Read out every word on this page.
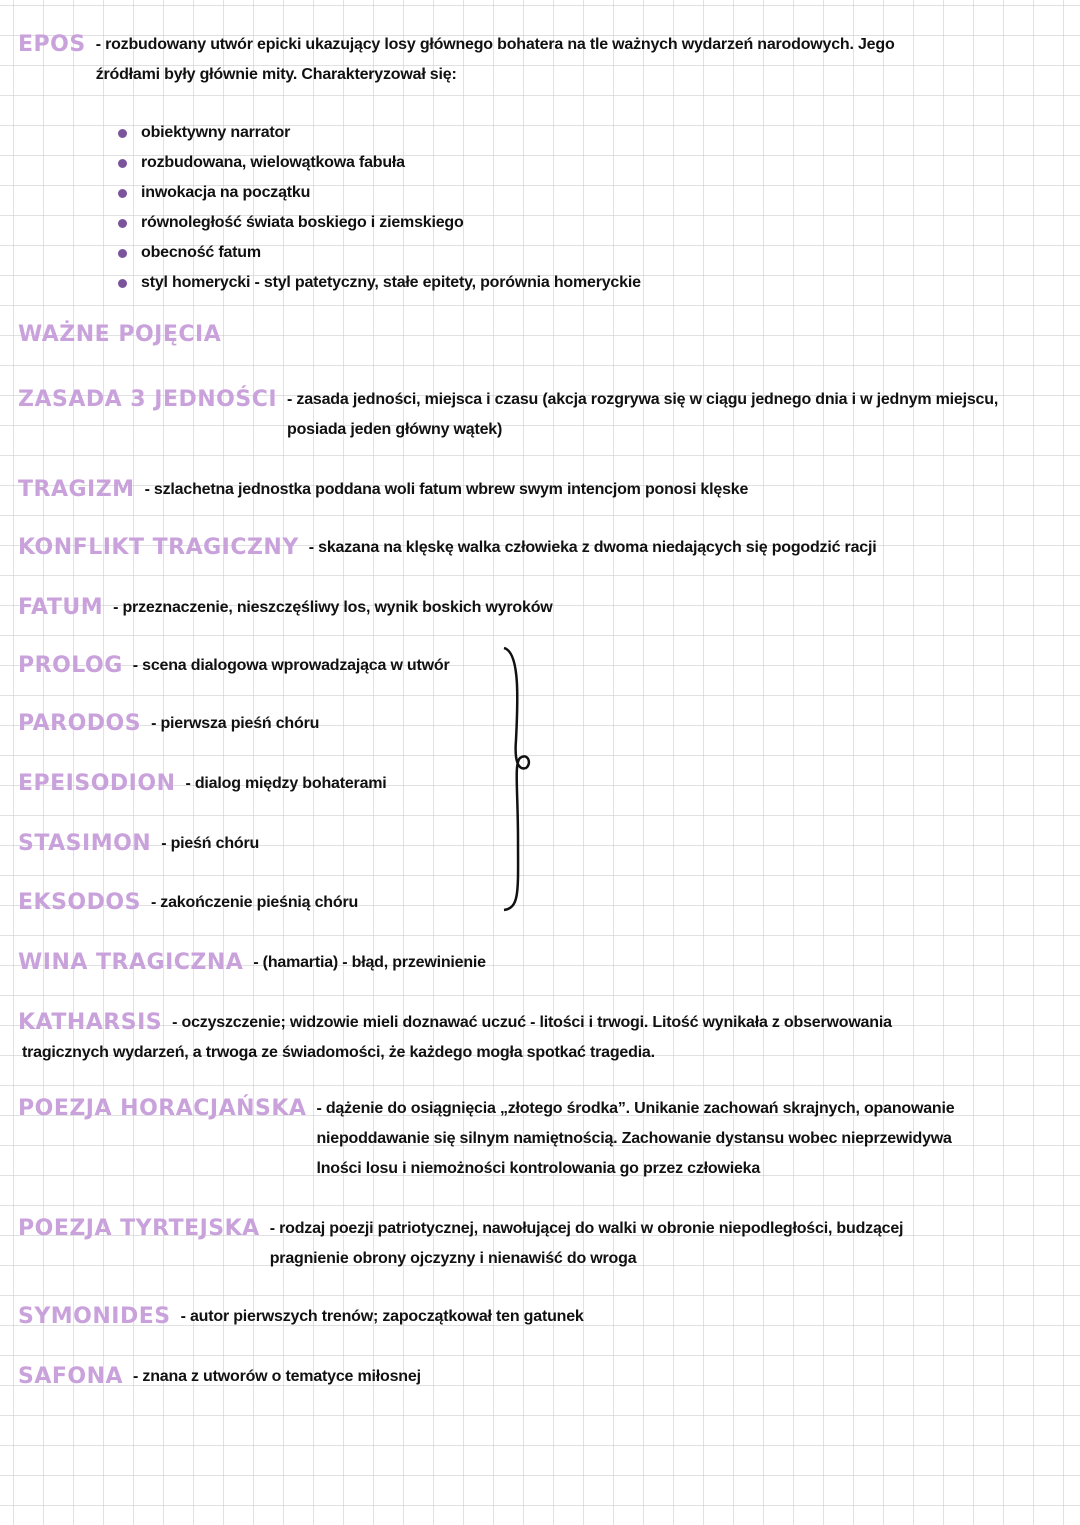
EPOS - rozbudowany utwór epicki ukazujący losy głównego bohatera na tle ważnych wydarzeń narodowych. Jego
źródłami były głównie mity. Charakteryzował się:
obiektywny narrator
rozbudowana, wielowątkowa fabuła
inwokacja na początku
równoległość świata boskiego i ziemskiego
obecność fatum
styl homerycki - styl patetyczny, stałe epitety, porównia homeryckie
WAŻNE POJĘCIA
ZASADA 3 JEDNOŚCI - zasada jedności, miejsca i czasu (akcja rozgrywa się w ciągu jednego dnia i w jednym miejscu,
posiada jeden główny wątek)
TRAGIZM - szlachetna jednostka poddana woli fatum wbrew swym intencjom ponosi klęske
KONFLIKT TRAGICZNY - skazana na klęskę walka człowieka z dwoma niedających się pogodzić racji
FATUM - przeznaczenie, nieszczęśliwy los, wynik boskich wyroków
PROLOG - scena dialogowa wprowadzająca w utwór
PARODOS - pierwsza pieśń chóru
EPEISODION - dialog między bohaterami
STASIMON - pieśń chóru
EKSODOS - zakończenie pieśnią chóru
WINA TRAGICZNA - (hamartia) - błąd, przewinienie
KATHARSIS - oczyszczenie; widzowie mieli doznawać uczuć - litości i trwogi. Litość wynikała z obserwowania
tragicznych wydarzeń, a trwoga ze świadomości, że każdego mogła spotkać tragedia.
POEZJA HORACJAŃSKA - dążenie do osiągnięcia „złotego środka”. Unikanie zachowań skrajnych, opanowanie
niepoddawanie się silnym namiętnością. Zachowanie dystansu wobec nieprzewidywa
lności losu i niemożności kontrolowania go przez człowieka
POEZJA TYRTEJSKA - rodzaj poezji patriotycznej, nawołującej do walki w obronie niepodległości, budzącej
pragnienie obrony ojczyzny i nienawiść do wroga
SYMONIDES - autor pierwszych trenów; zapoczątkował ten gatunek
SAFONA - znana z utworów o tematyce miłosnej
